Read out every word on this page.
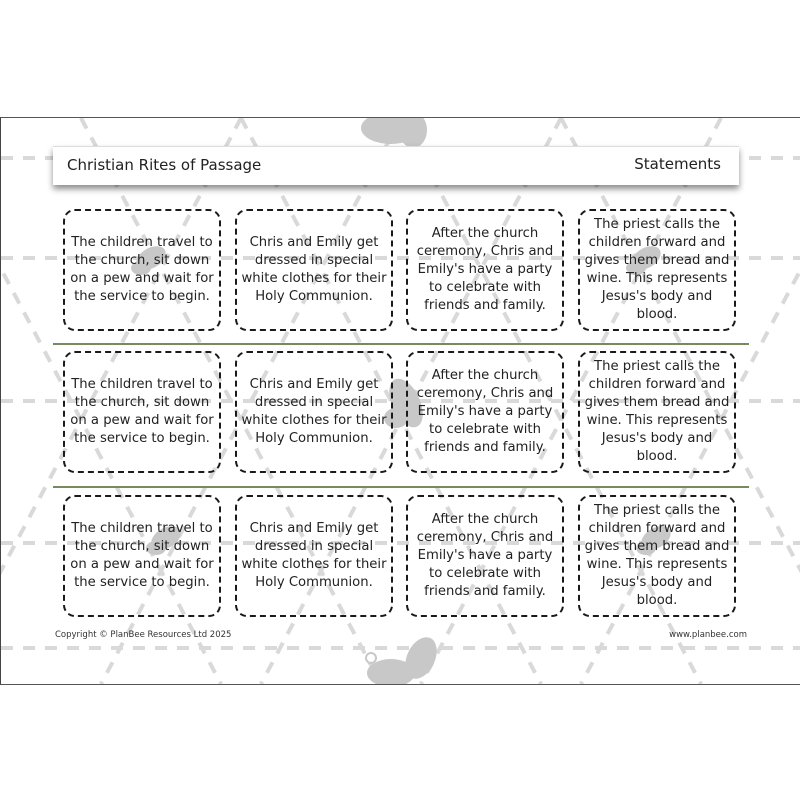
Christian Rites of Passage	Statements
The children travel to the church, sit down on a pew and wait for the service to begin.
Chris and Emily get dressed in special white clothes for their Holy Communion.
After the church ceremony, Chris and Emily's have a party to celebrate with friends and family.
The priest calls the children forward and gives them bread and wine. This represents Jesus's body and blood.
The children travel to the church, sit down on a pew and wait for the service to begin.
Chris and Emily get dressed in special white clothes for their Holy Communion.
After the church ceremony, Chris and Emily's have a party to celebrate with friends and family.
The priest calls the children forward and gives them bread and wine. This represents Jesus's body and blood.
The children travel to the church, sit down on a pew and wait for the service to begin.
Chris and Emily get dressed in special white clothes for their Holy Communion.
After the church ceremony, Chris and Emily's have a party to celebrate with friends and family.
The priest calls the children forward and gives them bread and wine. This represents Jesus's body and blood.
Copyright © PlanBee Resources Ltd 2025	www.planbee.com
